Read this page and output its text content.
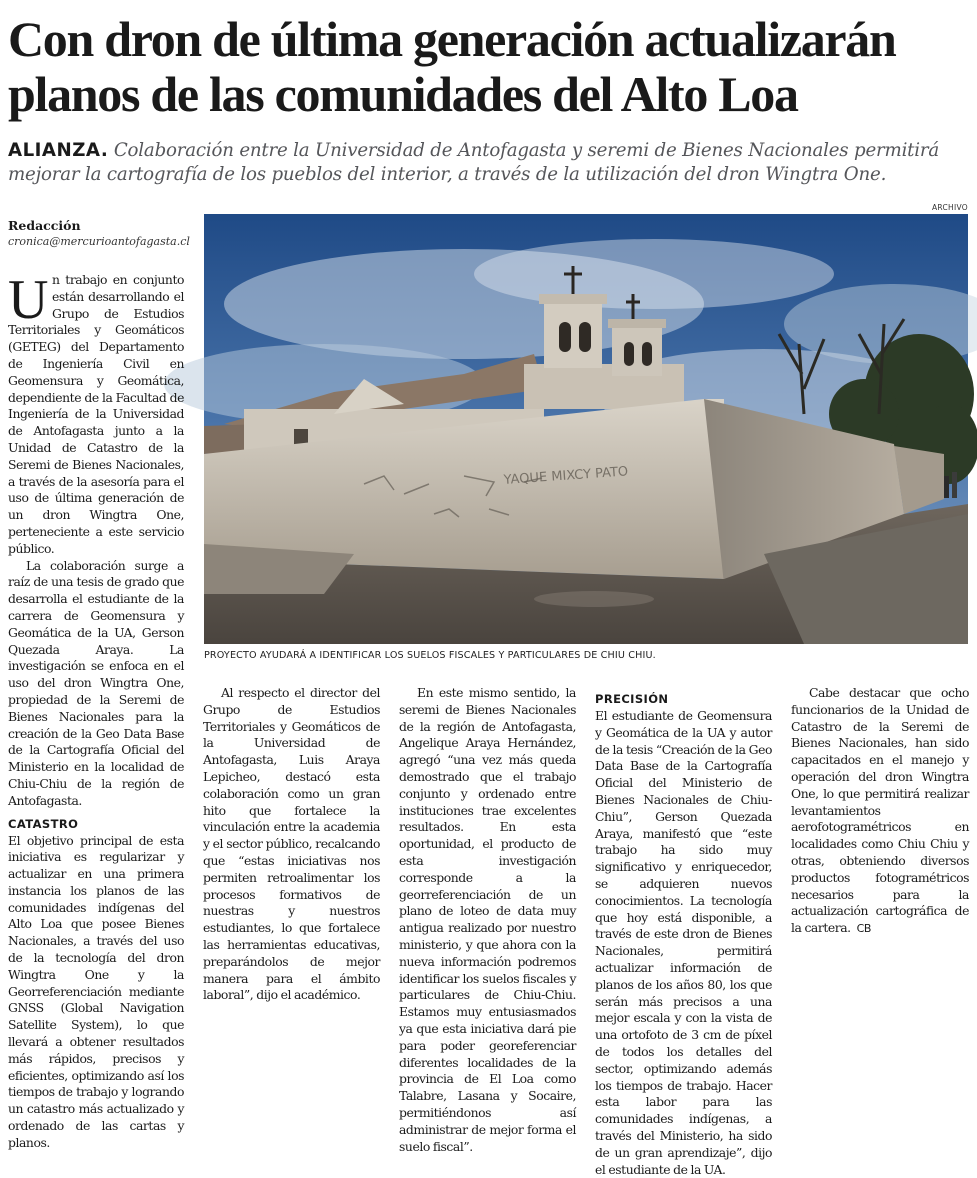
Con dron de última generación actualizarán planos de las comunidades del Alto Loa

ALIANZA. Colaboración entre la Universidad de Antofagasta y seremi de Bienes Nacionales permitirá mejorar la cartografía de los pueblos del interior, a través de la utilización del dron Wingtra One.

Redacción
cronica@mercurioantofagasta.cl
ARCHIVO
YAQUE MIXCY PATO
PROYECTO AYUDARÁ A IDENTIFICAR LOS SUELOS FISCALES Y PARTICULARES DE CHIU CHIU.

Un trabajo en conjunto están desarrollando el Grupo de Estudios Territoriales y Geomáticos (GETEG) del Departamento de Ingeniería Civil en Geomensura y Geomática, dependiente de la Facultad de Ingeniería de la Universidad de Antofagasta junto a la Unidad de Catastro de la Seremi de Bienes Nacionales, a través de la asesoría para el uso de última generación de un dron Wingtra One, perteneciente a este servicio público.

La colaboración surge a raíz de una tesis de grado que desarrolla el estudiante de la carrera de Geomensura y Geomática de la UA, Gerson Quezada Araya. La investigación se enfoca en el uso del dron Wingtra One, propiedad de la Seremi de Bienes Nacionales para la creación de la Geo Data Base de la Cartografía Oficial del Ministerio en la localidad de Chiu-Chiu de la región de Antofagasta.

CATASTRO

El objetivo principal de esta iniciativa es regularizar y actualizar en una primera instancia los planos de las comunidades indígenas del Alto Loa que posee Bienes Nacionales, a través del uso de la tecnología del dron Wingtra One y la Georreferenciación mediante GNSS (Global Navigation Satellite System), lo que llevará a obtener resultados más rápidos, precisos y eficientes, optimizando así los tiempos de trabajo y logrando un catastro más actualizado y ordenado de las cartas y planos.

Al respecto el director del Grupo de Estudios Territoriales y Geomáticos de la Universidad de Antofagasta, Luis Araya Lepicheo, destacó esta colaboración como un gran hito que fortalece la vinculación entre la academia y el sector público, recalcando que “estas iniciativas nos permiten retroalimentar los procesos formativos de nuestras y nuestros estudiantes, lo que fortalece las herramientas educativas, preparándolos de mejor manera para el ámbito laboral”, dijo el académico.

En este mismo sentido, la seremi de Bienes Nacionales de la región de Antofagasta, Angelique Araya Hernández, agregó “una vez más queda demostrado que el trabajo conjunto y ordenado entre instituciones trae excelentes resultados. En esta oportunidad, el producto de esta investigación corresponde a la georreferenciación de un plano de loteo de data muy antigua realizado por nuestro ministerio, y que ahora con la nueva información podremos identificar los suelos fiscales y particulares de Chiu-Chiu. Estamos muy entusiasmados ya que esta iniciativa dará pie para poder georeferenciar diferentes localidades de la provincia de El Loa como Talabre, Lasana y Socaire, permitiéndonos así administrar de mejor forma el suelo fiscal”.

PRECISIÓN

El estudiante de Geomensura y Geomática de la UA y autor de la tesis “Creación de la Geo Data Base de la Cartografía Oficial del Ministerio de Bienes Nacionales de Chiu-Chiu”, Gerson Quezada Araya, manifestó que “este trabajo ha sido muy significativo y enriquecedor, se adquieren nuevos conocimientos. La tecnología que hoy está disponible, a través de este dron de Bienes Nacionales, permitirá actualizar información de planos de los años 80, los que serán más precisos a una mejor escala y con la vista de una ortofoto de 3 cm de píxel de todos los detalles del sector, optimizando además los tiempos de trabajo. Hacer esta labor para las comunidades indígenas, a través del Ministerio, ha sido de un gran aprendizaje”, dijo el estudiante de la UA.

Cabe destacar que ocho funcionarios de la Unidad de Catastro de la Seremi de Bienes Nacionales, han sido capacitados en el manejo y operación del dron Wingtra One, lo que permitirá realizar levantamientos aerofotogramétricos en localidades como Chiu Chiu y otras, obteniendo diversos productos fotogramétricos necesarios para la actualización cartográfica de la cartera. CB
